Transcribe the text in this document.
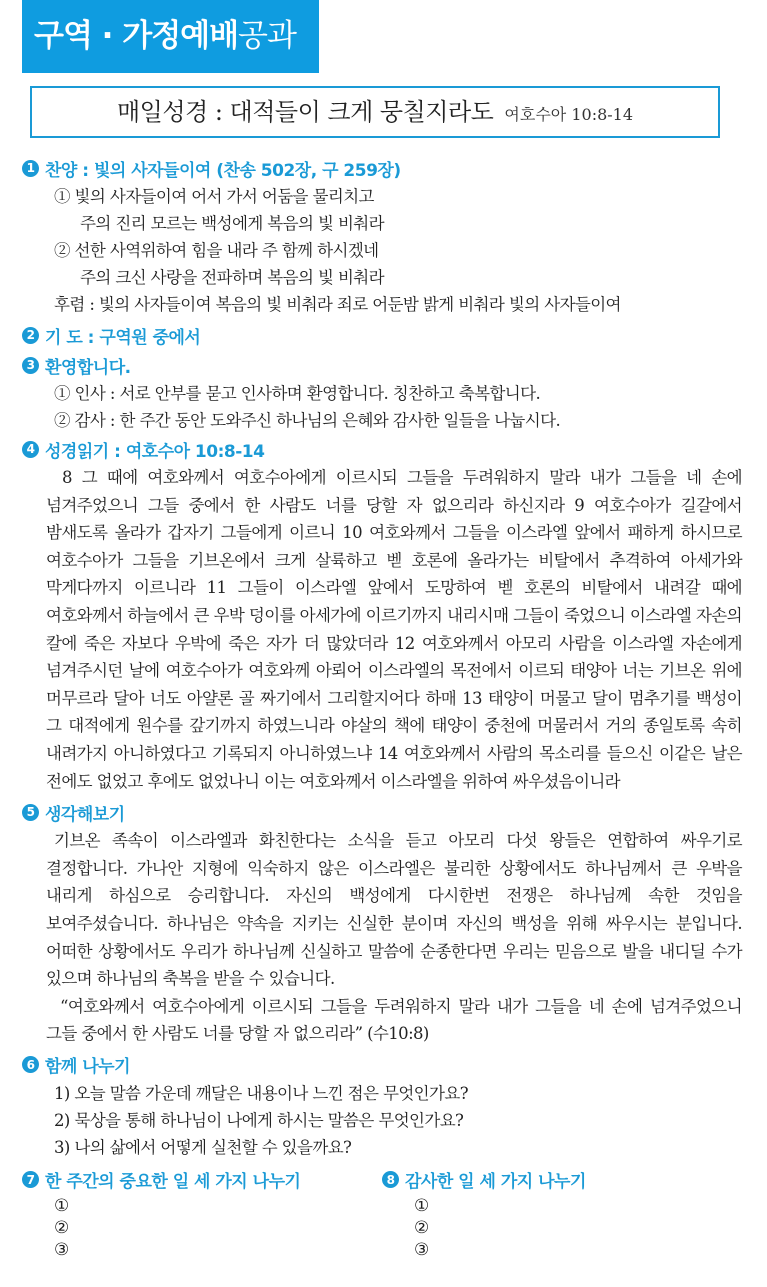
구역 · 가정예배공과
매일성경 : 대적들이 크게 뭉칠지라도 여호수아 10:8-14
1 찬양 : 빛의 사자들이여 (찬송 502장, 구 259장)
① 빛의 사자들이여 어서 가서 어둠을 물리치고
주의 진리 모르는 백성에게 복음의 빛 비춰라
② 선한 사역위하여 힘을 내라 주 함께 하시겠네
주의 크신 사랑을 전파하며 복음의 빛 비춰라
후렴 : 빛의 사자들이여 복음의 빛 비춰라 죄로 어둔밤 밝게 비춰라 빛의 사자들이여
2 기 도 : 구역원 중에서
3 환영합니다.
① 인사 : 서로 안부를 묻고 인사하며 환영합니다. 칭찬하고 축복합니다.
② 감사 : 한 주간 동안 도와주신 하나님의 은혜와 감사한 일들을 나눕시다.
4 성경읽기 : 여호수아 10:8-14
8 그 때에 여호와께서 여호수아에게 이르시되 그들을 두려워하지 말라 내가 그들을 네 손에 넘겨주었으니 그들 중에서 한 사람도 너를 당할 자 없으리라 하신지라 9 여호수아가 길갈에서 밤새도록 올라가 갑자기 그들에게 이르니 10 여호와께서 그들을 이스라엘 앞에서 패하게 하시므로 여호수아가 그들을 기브온에서 크게 살륙하고 벧 호론에 올라가는 비탈에서 추격하여 아세가와 막게다까지 이르니라 11 그들이 이스라엘 앞에서 도망하여 벧 호론의 비탈에서 내려갈 때에 여호와께서 하늘에서 큰 우박 덩이를 아세가에 이르기까지 내리시매 그들이 죽었으니 이스라엘 자손의 칼에 죽은 자보다 우박에 죽은 자가 더 많았더라 12 여호와께서 아모리 사람을 이스라엘 자손에게 넘겨주시던 날에 여호수아가 여호와께 아뢰어 이스라엘의 목전에서 이르되 태양아 너는 기브온 위에 머무르라 달아 너도 아얄론 골 짜기에서 그리할지어다 하매 13 태양이 머물고 달이 멈추기를 백성이 그 대적에게 원수를 갚기까지 하였느니라 야살의 책에 태양이 중천에 머물러서 거의 종일토록 속히 내려가지 아니하였다고 기록되지 아니하였느냐 14 여호와께서 사람의 목소리를 들으신 이같은 날은 전에도 없었고 후에도 없었나니 이는 여호와께서 이스라엘을 위하여 싸우셨음이니라
5 생각해보기
기브온 족속이 이스라엘과 화친한다는 소식을 듣고 아모리 다섯 왕들은 연합하여 싸우기로 결정합니다. 가나안 지형에 익숙하지 않은 이스라엘은 불리한 상황에서도 하나님께서 큰 우박을 내리게 하심으로 승리합니다. 자신의 백성에게 다시한번 전쟁은 하나님께 속한 것임을 보여주셨습니다. 하나님은 약속을 지키는 신실한 분이며 자신의 백성을 위해 싸우시는 분입니다. 어떠한 상황에서도 우리가 하나님께 신실하고 말씀에 순종한다면 우리는 믿음으로 발을 내디딜 수가 있으며 하나님의 축복을 받을 수 있습니다.
“여호와께서 여호수아에게 이르시되 그들을 두려워하지 말라 내가 그들을 네 손에 넘겨주었으니 그들 중에서 한 사람도 너를 당할 자 없으리라” (수10:8)
6 함께 나누기
1) 오늘 말씀 가운데 깨달은 내용이나 느낀 점은 무엇인가요?
2) 묵상을 통해 하나님이 나에게 하시는 말씀은 무엇인가요?
3) 나의 삶에서 어떻게 실천할 수 있을까요?
7 한 주간의 중요한 일 세 가지 나누기
①
②
③
8 감사한 일 세 가지 나누기
①
②
③
